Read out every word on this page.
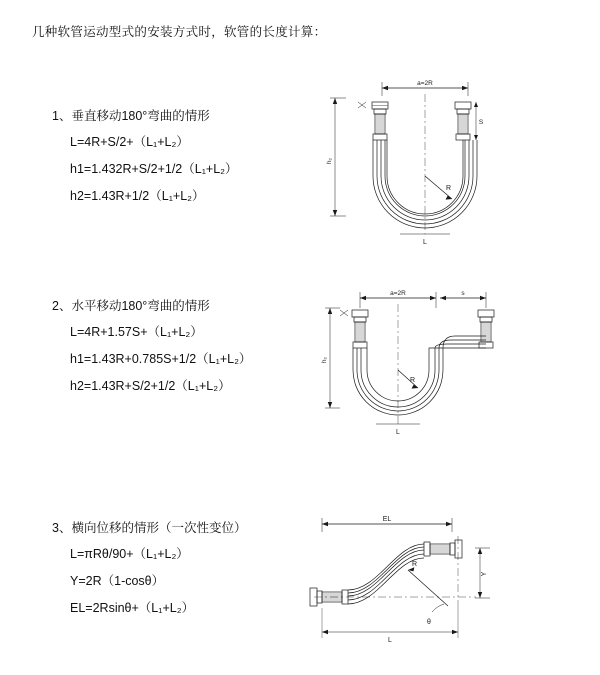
几种软管运动型式的安装方式时，软管的长度计算：
1、垂直移动180°弯曲的情形
L=4R+S/2+（L₁+L₂）
h1=1.432R+S/2+1/2（L₁+L₂）
h2=1.43R+1/2（L₁+L₂）
a=2R
h₂
S
R
L
2、水平移动180°弯曲的情形
L=4R+1.57S+（L₁+L₂）
h1=1.43R+0.785S+1/2（L₁+L₂）
h2=1.43R+S/2+1/2（L₁+L₂）
a=2R	s
h₂
R
L
3、横向位移的情形（一次性变位）
L=πRθ/90+（L₁+L₂）
Y=2R（1-cosθ）
EL=2Rsinθ+（L₁+L₂）
EL
Y
R
θ
L
